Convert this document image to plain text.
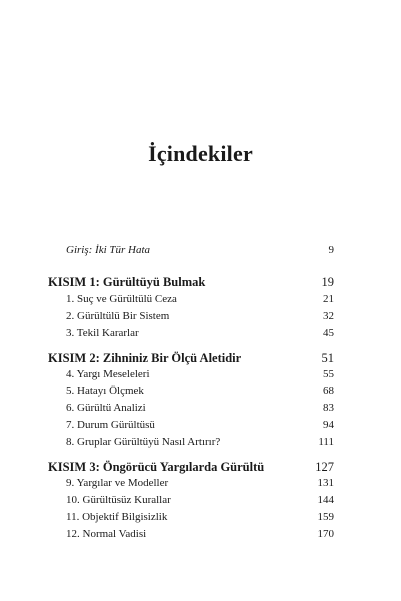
İçindekiler
Giriş: İki Tür Hata	9
KISIM 1: Gürültüyü Bulmak	19
1. Suç ve Gürültülü Ceza	21
2. Gürültülü Bir Sistem	32
3. Tekil Kararlar	45
KISIM 2: Zihniniz Bir Ölçü Aletidir	51
4. Yargı Meseleleri	55
5. Hatayı Ölçmek	68
6. Gürültü Analizi	83
7. Durum Gürültüsü	94
8. Gruplar Gürültüyü Nasıl Artırır?	111
KISIM 3: Öngörücü Yargılarda Gürültü	127
9. Yargılar ve Modeller	131
10. Gürültüsüz Kurallar	144
11. Objektif Bilgisizlik	159
12. Normal Vadisi	170
